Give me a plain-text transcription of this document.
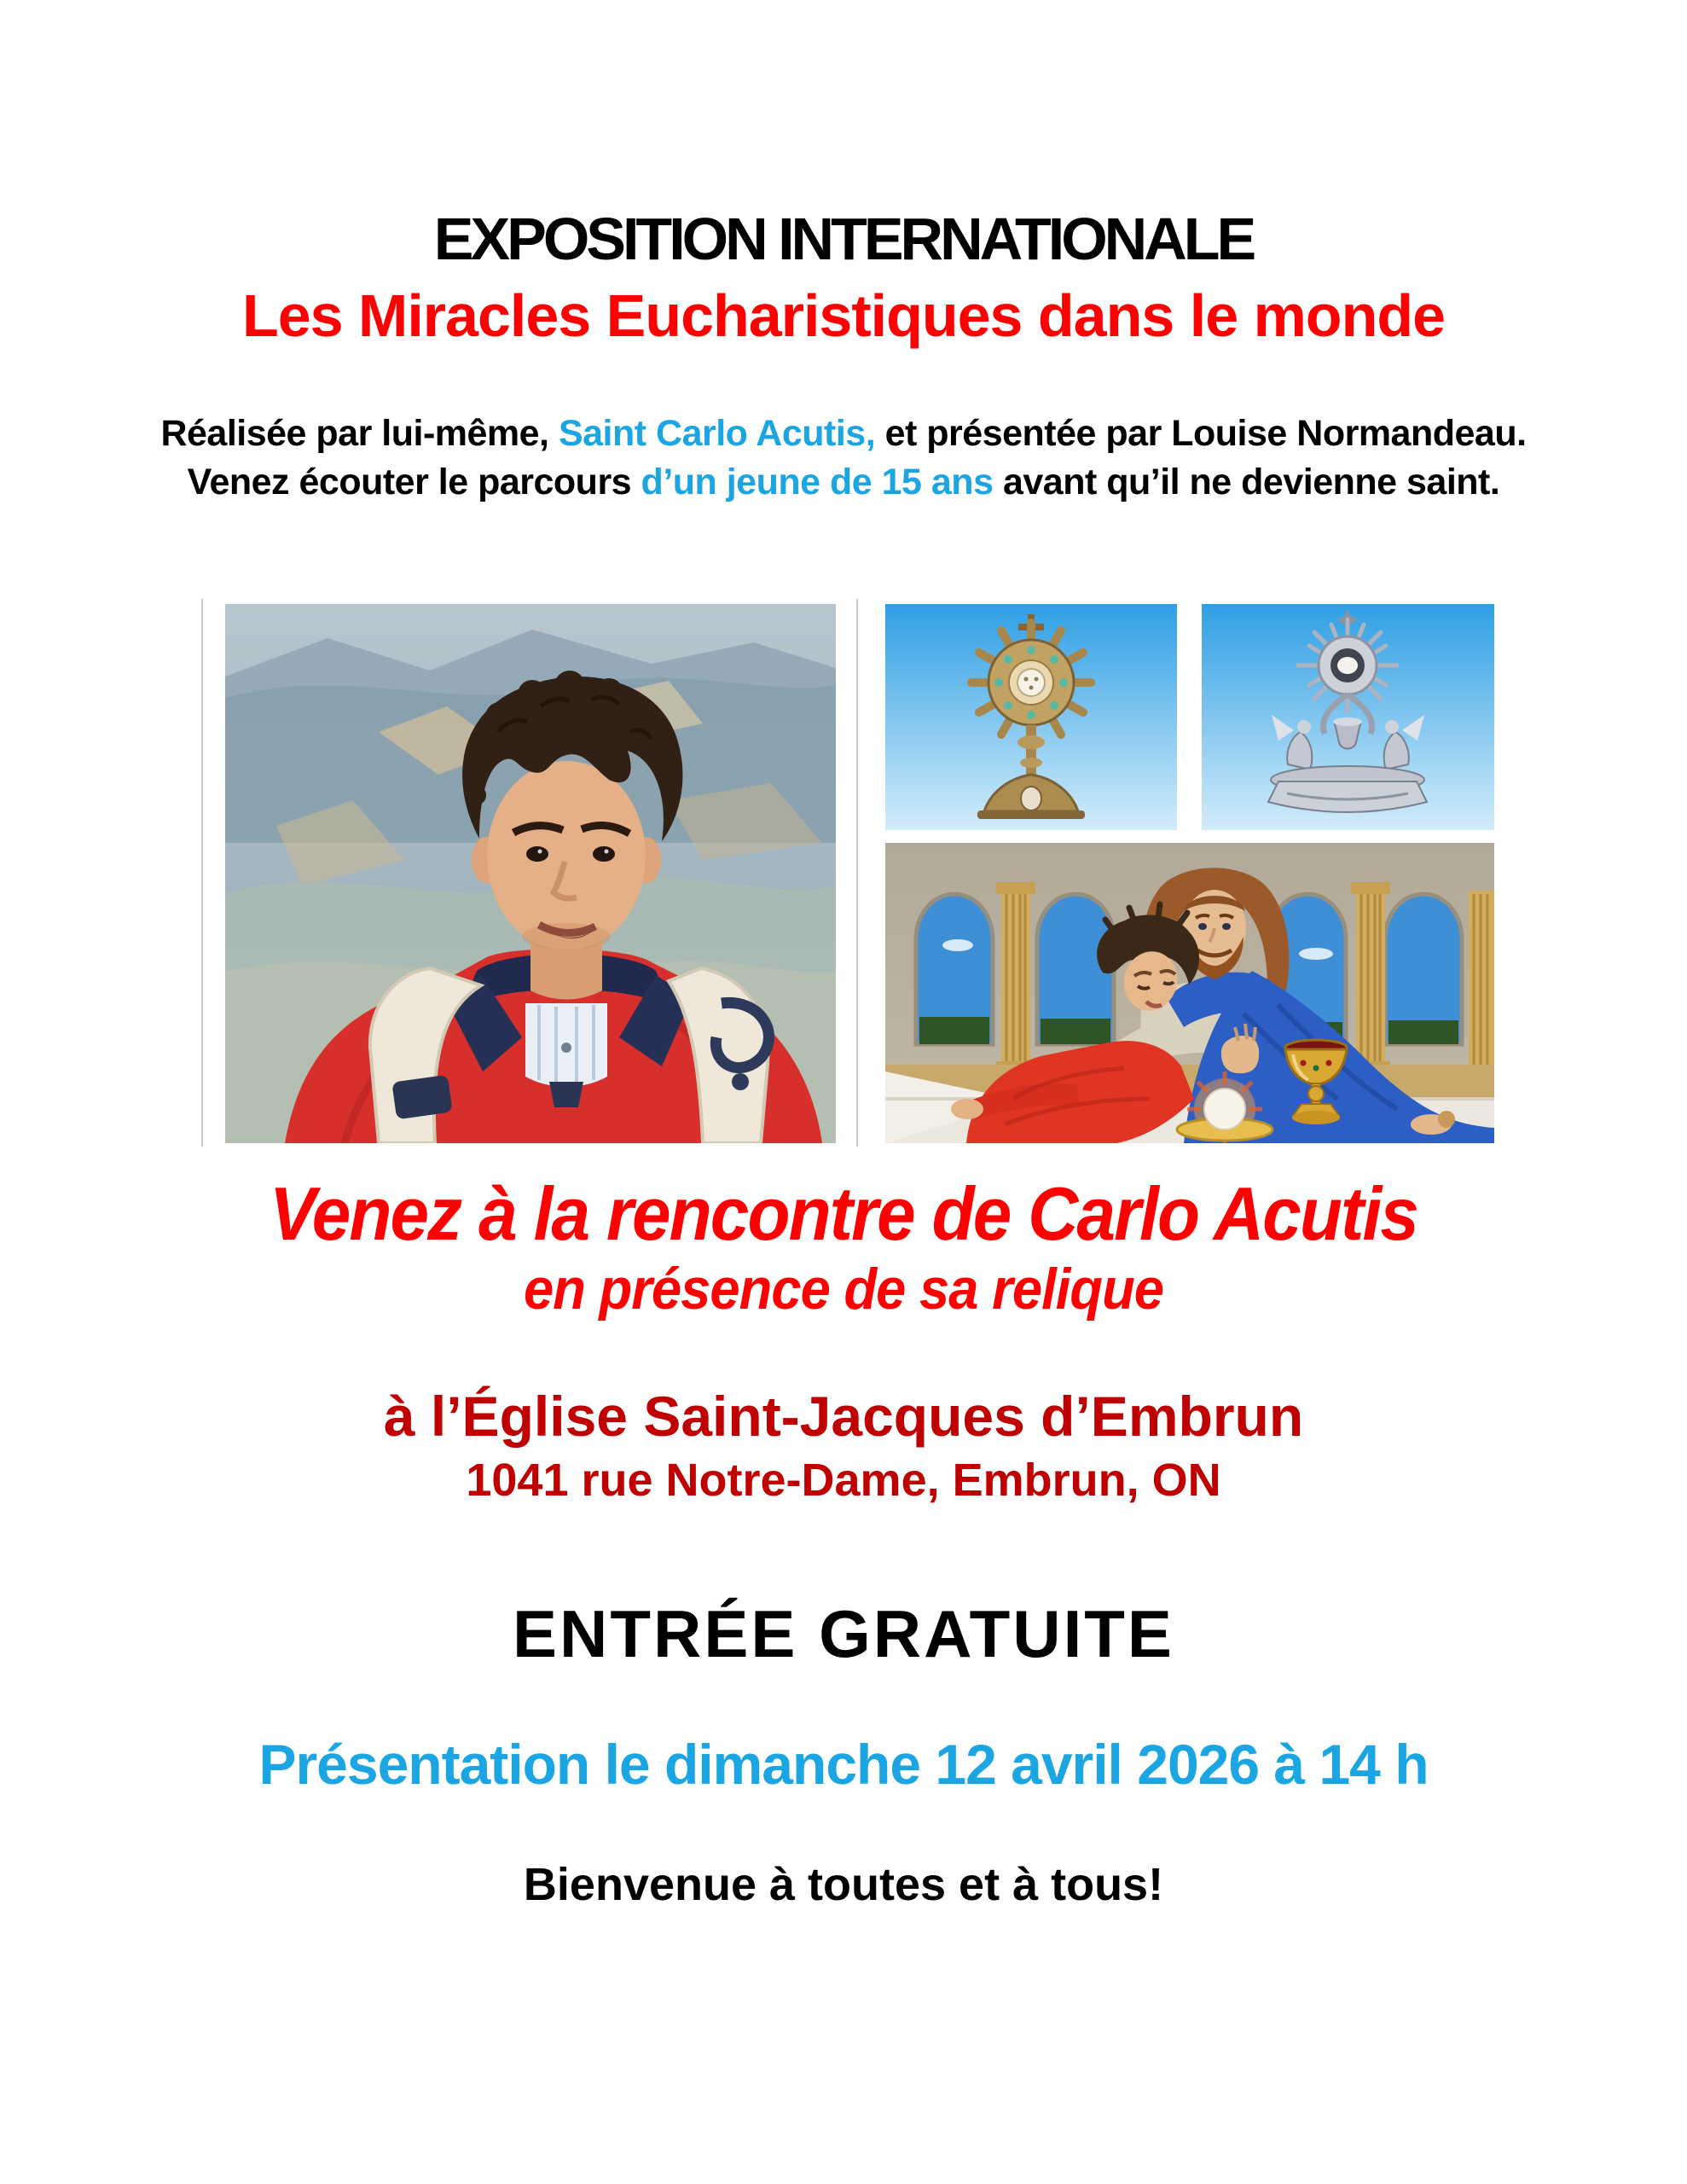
EXPOSITION INTERNATIONALE
Les Miracles Eucharistiques dans le monde
Réalisée par lui-même, Saint Carlo Acutis, et présentée par Louise Normandeau.
Venez écouter le parcours d’un jeune de 15 ans avant qu’il ne devienne saint.
Venez à la rencontre de Carlo Acutis
en présence de sa relique
à l’Église Saint-Jacques d’Embrun
1041 rue Notre-Dame, Embrun, ON
ENTRÉE GRATUITE
Présentation le dimanche 12 avril 2026 à 14 h
Bienvenue à toutes et à tous!
